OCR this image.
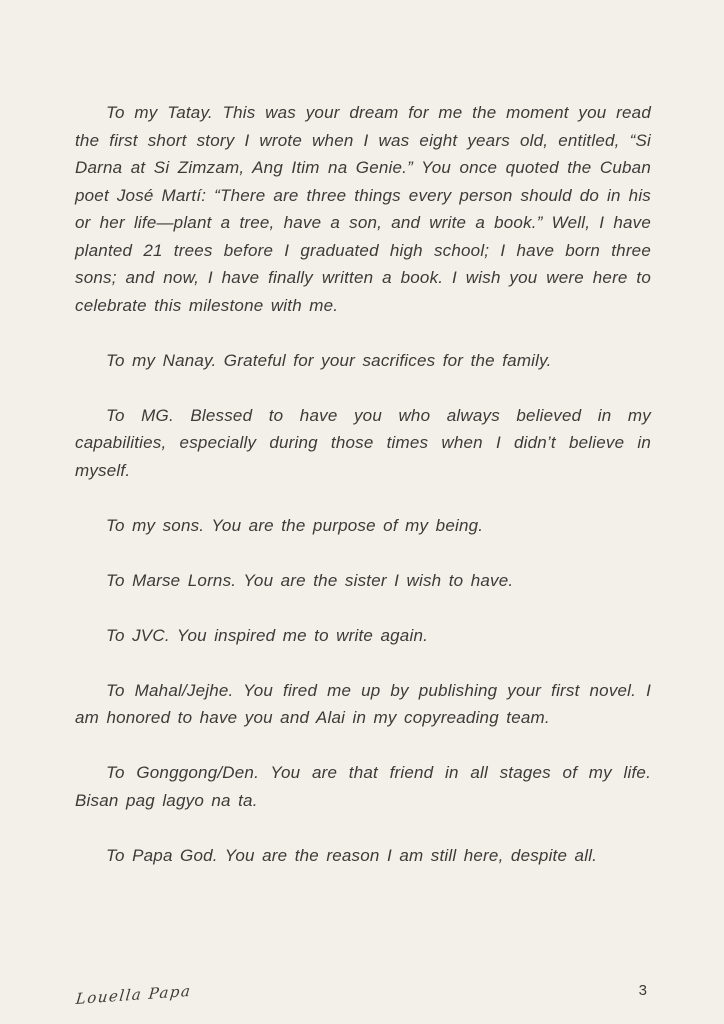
To my Tatay. This was your dream for me the moment you read the first short story I wrote when I was eight years old, entitled, “Si Darna at Si Zimzam, Ang Itim na Genie.” You once quoted the Cuban poet José Martí: “There are three things every person should do in his or her life—plant a tree, have a son, and write a book.” Well, I have planted 21 trees before I graduated high school; I have born three sons; and now, I have finally written a book. I wish you were here to celebrate this milestone with me.

To my Nanay. Grateful for your sacrifices for the family.

To MG. Blessed to have you who always believed in my capabilities, especially during those times when I didn’t believe in myself.

To my sons. You are the purpose of my being.

To Marse Lorns. You are the sister I wish to have.

To JVC. You inspired me to write again.

To Mahal/Jejhe. You fired me up by publishing your first novel. I am honored to have you and Alai in my copyreading team.

To Gonggong/Den. You are that friend in all stages of my life. Bisan pag lagyo na ta.

To Papa God. You are the reason I am still here, despite all.

Louella Papa	3
